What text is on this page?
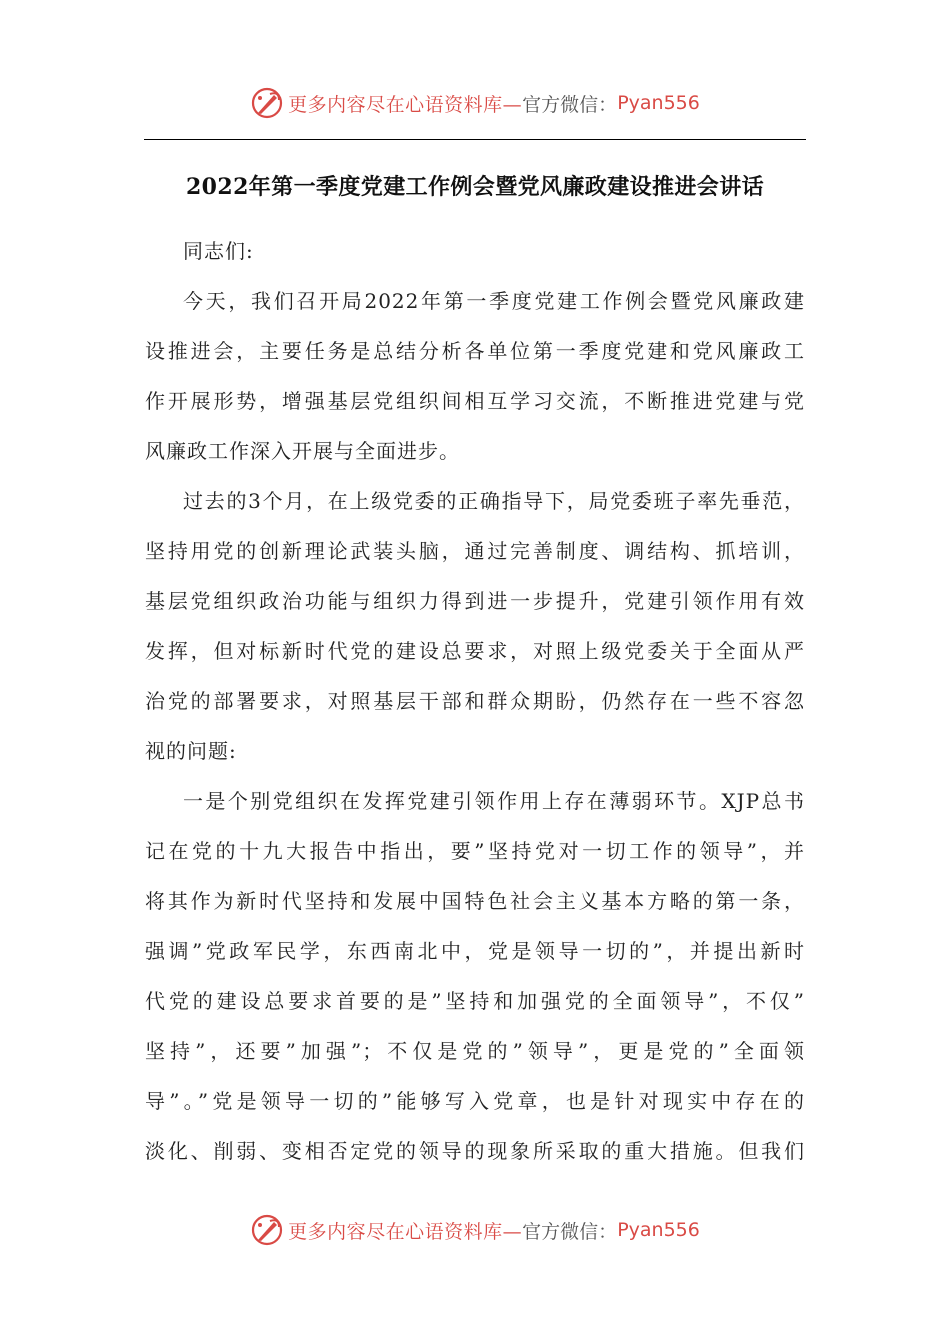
更多内容尽在心语资料库— 官方微信： Pyan556
2022年第一季度党建工作例会暨党风廉政建设推进会讲话
同志们:
今天，我们召开局2022年第一季度党建工作例会暨党风廉政建
设推进会，主要任务是总结分析各单位第一季度党建和党风廉政工
作开展形势，增强基层党组织间相互学习交流，不断推进党建与党
风廉政工作深入开展与全面进步。
过去的3个月，在上级党委的正确指导下，局党委班子率先垂范，
坚持用党的创新理论武装头脑，通过完善制度、调结构、抓培训，
基层党组织政治功能与组织力得到进一步提升，党建引领作用有效
发挥，但对标新时代党的建设总要求，对照上级党委关于全面从严
治党的部署要求，对照基层干部和群众期盼，仍然存在一些不容忽
视的问题:
一是个别党组织在发挥党建引领作用上存在薄弱环节。XJP总书
记在党的十九大报告中指出，要”坚持党对一切工作的领导”，并
将其作为新时代坚持和发展中国特色社会主义基本方略的第一条，
强调”党政军民学，东西南北中，党是领导一切的”，并提出新时
代党的建设总要求首要的是”坚持和加强党的全面领导”，不仅”
坚持”，还要”加强”；不仅是党的”领导”，更是党的”全面领
导”。”党是领导一切的”能够写入党章，也是针对现实中存在的
淡化、削弱、变相否定党的领导的现象所采取的重大措施。但我们
更多内容尽在心语资料库— 官方微信： Pyan556
